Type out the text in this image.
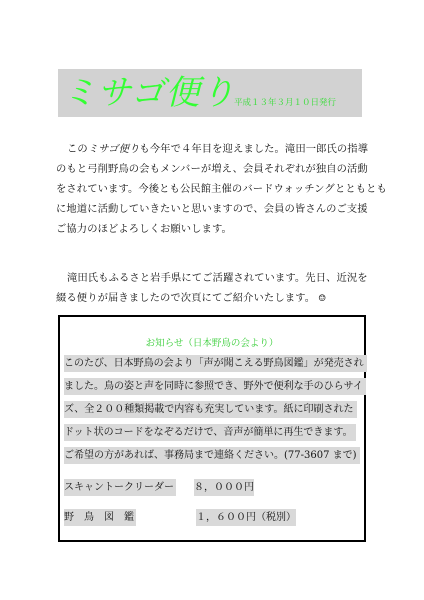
ミサゴ便り
平成１３年３月１０日発行
このミサゴ便りも今年で４年目を迎えました。滝田一郎氏の指導
のもと弓削野鳥の会もメンバーが増え、会員それぞれが独自の活動
をされています。今後とも公民館主催のバードウォッチングとともとも
に地道に活動していきたいと思いますので、会員の皆さんのご支援
ご協力のほどよろしくお願いします。
滝田氏もふるさと岩手県にてご活躍されています。先日、近況を
綴る便りが届きましたので次頁にてご紹介いたします。 ☺
お知らせ（日本野鳥の会より）
このたび、日本野鳥の会より「声が聞こえる野鳥図鑑」が発売され
ました。鳥の姿と声を同時に参照でき、野外で便利な手のひらサイ
ズ、全２００種類掲載で内容も充実しています。紙に印刷された
ドット状のコードをなぞるだけで、音声が簡単に再生できます。
ご希望の方があれば、事務局まで連絡ください。(77-3607 まで)
スキャントークリーダー ８，０００円
野　鳥　図　鑑	１，６００円（税別）
